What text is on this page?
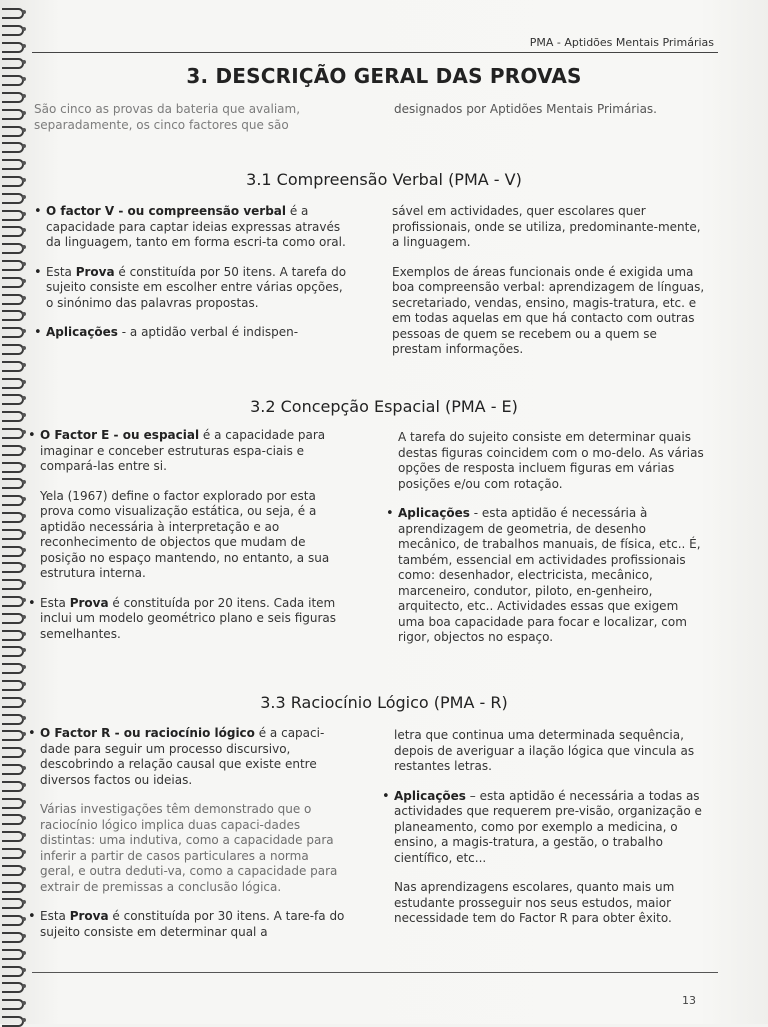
PMA - Aptidões Mentais Primárias
3. DESCRIÇÃO GERAL DAS PROVAS

São cinco as provas da bateria que avaliam, separadamente, os cinco factores que são

designados por Aptidões Mentais Primárias.

3.1 Compreensão Verbal (PMA - V)

• O factor V - ou compreensão verbal é a capacidade para captar ideias expressas através da linguagem, tanto em forma escri-ta como oral.

• Esta Prova é constituída por 50 itens. A tarefa do sujeito consiste em escolher entre várias opções, o sinónimo das palavras propostas.

• Aplicações - a aptidão verbal é indispen-

sável em actividades, quer escolares quer profissionais, onde se utiliza, predominante-mente, a linguagem.

Exemplos de áreas funcionais onde é exigida uma boa compreensão verbal: aprendizagem de línguas, secretariado, vendas, ensino, magis-tratura, etc. e em todas aquelas em que há contacto com outras pessoas de quem se recebem ou a quem se prestam informações.

3.2 Concepção Espacial (PMA - E)

• O Factor E - ou espacial é a capacidade para imaginar e conceber estruturas espa-ciais e compará-las entre si.

Yela (1967) define o factor explorado por esta prova como visualização estática, ou seja, é a aptidão necessária à interpretação e ao reconhecimento de objectos que mudam de posição no espaço mantendo, no entanto, a sua estrutura interna.

• Esta Prova é constituída por 20 itens. Cada item inclui um modelo geométrico plano e seis figuras semelhantes.

A tarefa do sujeito consiste em determinar quais destas figuras coincidem com o mo-delo. As várias opções de resposta incluem figuras em várias posições e/ou com rotação.

• Aplicações - esta aptidão é necessária à aprendizagem de geometria, de desenho mecânico, de trabalhos manuais, de física, etc.. É, também, essencial em actividades profissionais como: desenhador, electricista, mecânico, marceneiro, condutor, piloto, en-genheiro, arquitecto, etc.. Actividades essas que exigem uma boa capacidade para focar e localizar, com rigor, objectos no espaço.

3.3 Raciocínio Lógico (PMA - R)

• O Factor R - ou raciocínio lógico é a capaci-dade para seguir um processo discursivo, descobrindo a relação causal que existe entre diversos factos ou ideias.

Várias investigações têm demonstrado que o raciocínio lógico implica duas capaci-dades distintas: uma indutiva, como a capacidade para inferir a partir de casos particulares a norma geral, e outra deduti-va, como a capacidade para extrair de premissas a conclusão lógica.

• Esta Prova é constituída por 30 itens. A tare-fa do sujeito consiste em determinar qual a

letra que continua uma determinada sequência, depois de averiguar a ilação lógica que vincula as restantes letras.

• Aplicações – esta aptidão é necessária a todas as actividades que requerem pre-visão, organização e planeamento, como por exemplo a medicina, o ensino, a magis-tratura, a gestão, o trabalho científico, etc...

Nas aprendizagens escolares, quanto mais um estudante prosseguir nos seus estudos, maior necessidade tem do Factor R para obter êxito.

13
